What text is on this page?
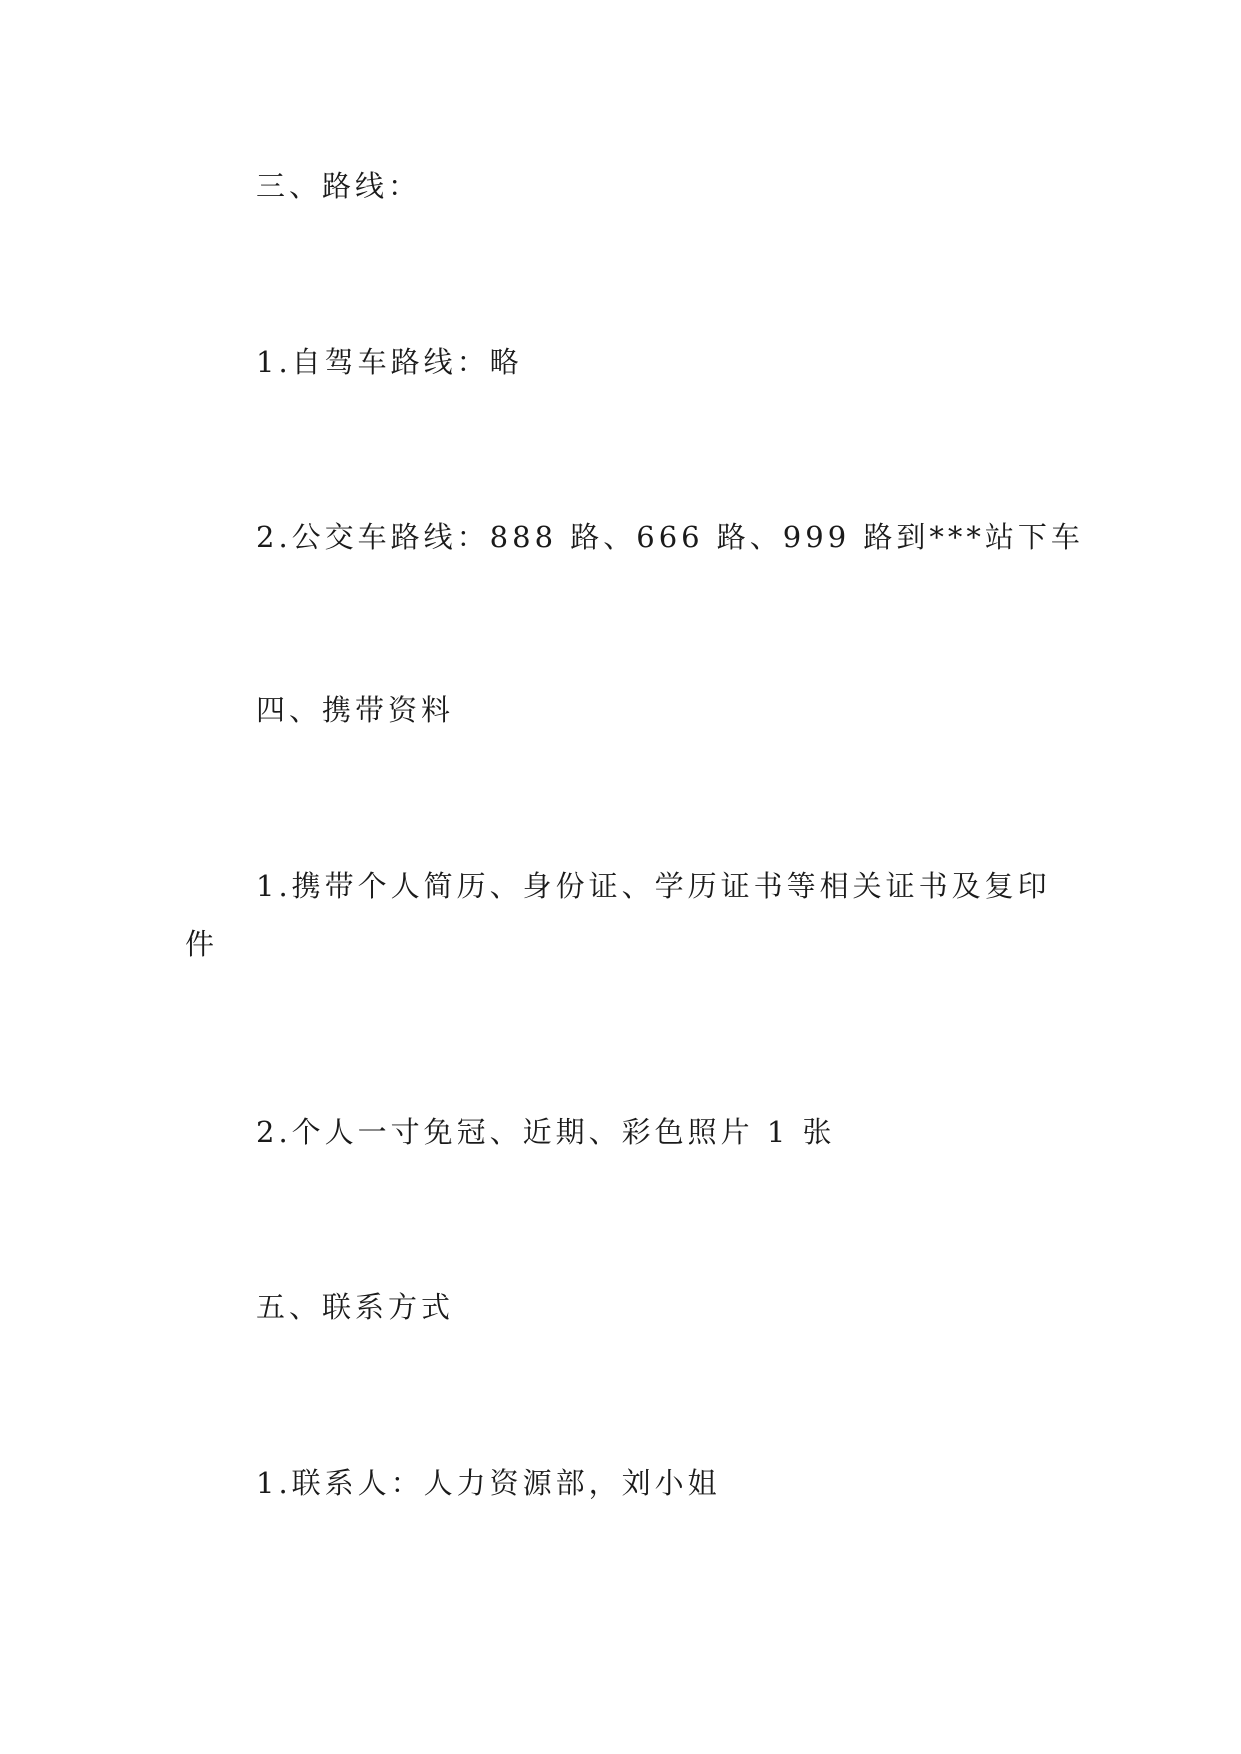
三、路线：
1.自驾车路线：略
2.公交车路线：888 路、666 路、999 路到***站下车
四、携带资料
1.携带个人简历、身份证、学历证书等相关证书及复印件
2.个人一寸免冠、近期、彩色照片 1 张
五、联系方式
1.联系人：人力资源部，刘小姐
